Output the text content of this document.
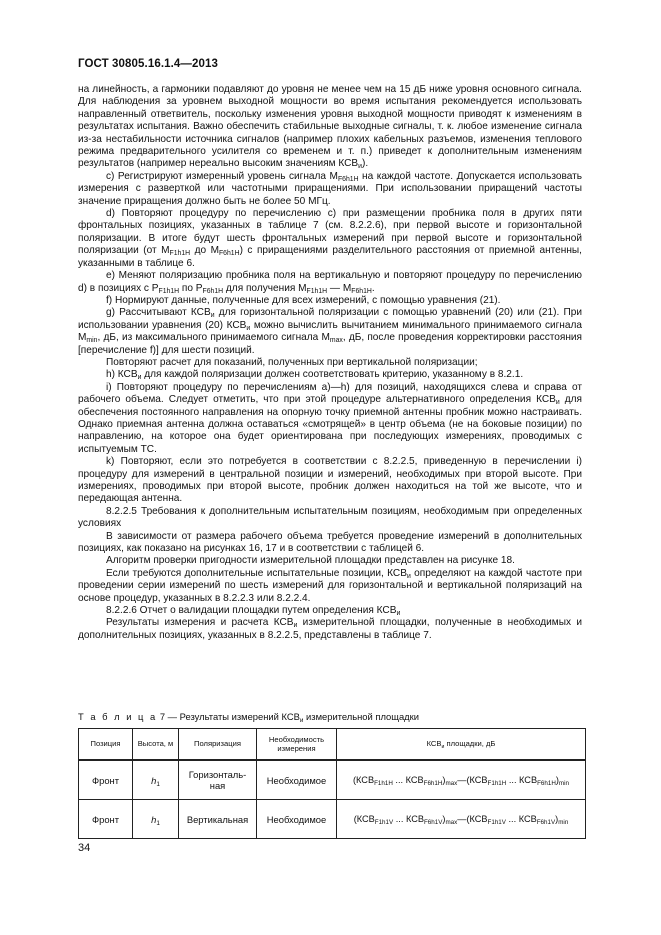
ГОСТ 30805.16.1.4—2013

на линейность, а гармоники подавляют до уровня не менее чем на 15 дБ ниже уровня основного сигнала. Для наблюдения за уровнем выходной мощности во время испытания рекомендуется использовать направленный ответвитель, поскольку изменения уровня выходной мощности приводят к изменениям в результатах испытания. Важно обеспечить стабильные выходные сигналы, т. к. любое изменение сигнала из-за нестабильности источника сигналов (например плохих кабельных разъемов, изменения теплового режима предварительного усилителя со временем и т. п.) приведет к дополнительным изменениям результатов (например нереально высоким значениям $КСВ_и$).

с) Регистрируют измеренный уровень сигнала $M_{F6h1H}$ на каждой частоте. Допускается использовать измерения с разверткой или частотными приращениями. При использовании приращений частоты значение приращения должно быть не более 50 МГц.

d) Повторяют процедуру по перечислению с) при размещении пробника поля в других пяти фронтальных позициях, указанных в таблице 7 (см. 8.2.2.6), при первой высоте и горизонтальной поляризации. В итоге будут шесть фронтальных измерений при первой высоте и горизонтальной поляризации (от $M_{F1h1H}$ до $M_{F6h1H}$) с приращениями разделительного расстояния от приемной антенны, указанными в таблице 6.

е) Меняют поляризацию пробника поля на вертикальную и повторяют процедуру по перечислению d) в позициях с $P_{F1h1H}$ по $P_{F6h1H}$ для получения $M_{F1h1H}$ — $M_{F6h1H}$.

f) Нормируют данные, полученные для всех измерений, с помощью уравнения (21).

g) Рассчитывают $КСВ_и$ для горизонтальной поляризации с помощью уравнений (20) или (21). При использовании уравнения (20) $КСВ_и$ можно вычислить вычитанием минимального принимаемого сигнала $M_{min}$, дБ, из максимального принимаемого сигнала $M_{max}$, дБ, после проведения корректировки расстояния [перечисление f)] для шести позиций.

Повторяют расчет для показаний, полученных при вертикальной поляризации;

h) $КСВ_и$ для каждой поляризации должен соответствовать критерию, указанному в 8.2.1.

i) Повторяют процедуру по перечислениям а)—h) для позиций, находящихся слева и справа от рабочего объема. Следует отметить, что при этой процедуре альтернативного определения $КСВ_и$ для обеспечения постоянного направления на опорную точку приемной антенны пробник можно настраивать. Однако приемная антенна должна оставаться «смотрящей» в центр объема (не на боковые позиции) по направлению, на которое она будет ориентирована при последующих измерениях, проводимых с испытуемым ТС.

k) Повторяют, если это потребуется в соответствии с 8.2.2.5, приведенную в перечислении i) процедуру для измерений в центральной позиции и измерений, необходимых при второй высоте. При измерениях, проводимых при второй высоте, пробник должен находиться на той же высоте, что и передающая антенна.

8.2.2.5 Требования к дополнительным испытательным позициям, необходимым при определенных условиях

В зависимости от размера рабочего объема требуется проведение измерений в дополнительных позициях, как показано на рисунках 16, 17 и в соответствии с таблицей 6.

Алгоритм проверки пригодности измерительной площадки представлен на рисунке 18.

Если требуются дополнительные испытательные позиции, $КСВ_и$ определяют на каждой частоте при проведении серии измерений по шесть измерений для горизонтальной и вертикальной поляризаций на основе процедур, указанных в 8.2.2.3 или 8.2.2.4.

8.2.2.6 Отчет о валидации площадки путем определения $КСВ_и$

Результаты измерения и расчета $КСВ_и$ измерительной площадки, полученные в необходимых и дополнительных позициях, указанных в 8.2.2.5, представлены в таблице 7.

Т а б л и ц а 7 — Результаты измерений $КСВ_и$ измерительной площадки
Позиция	Высота, м	Поляризация	Необходимость измерения	$КСВ_и$ площадки, дБ
Фронт	$h_1$	Горизонталь-ная	Необходимое	($КСВ_{F1h1H}$ ... $КСВ_{F6h1H})_{max}—(КСВ_{F1h1H}$ ... $КСВ_{F6h1H})_{min}$
Фронт	$h_1$	Вертикальная	Необходимое	($КСВ_{F1h1V}$ ... $КСВ_{F6h1V})_{max}—(КСВ_{F1h1V}$ ... $КСВ_{F6h1V})_{min}$
34
